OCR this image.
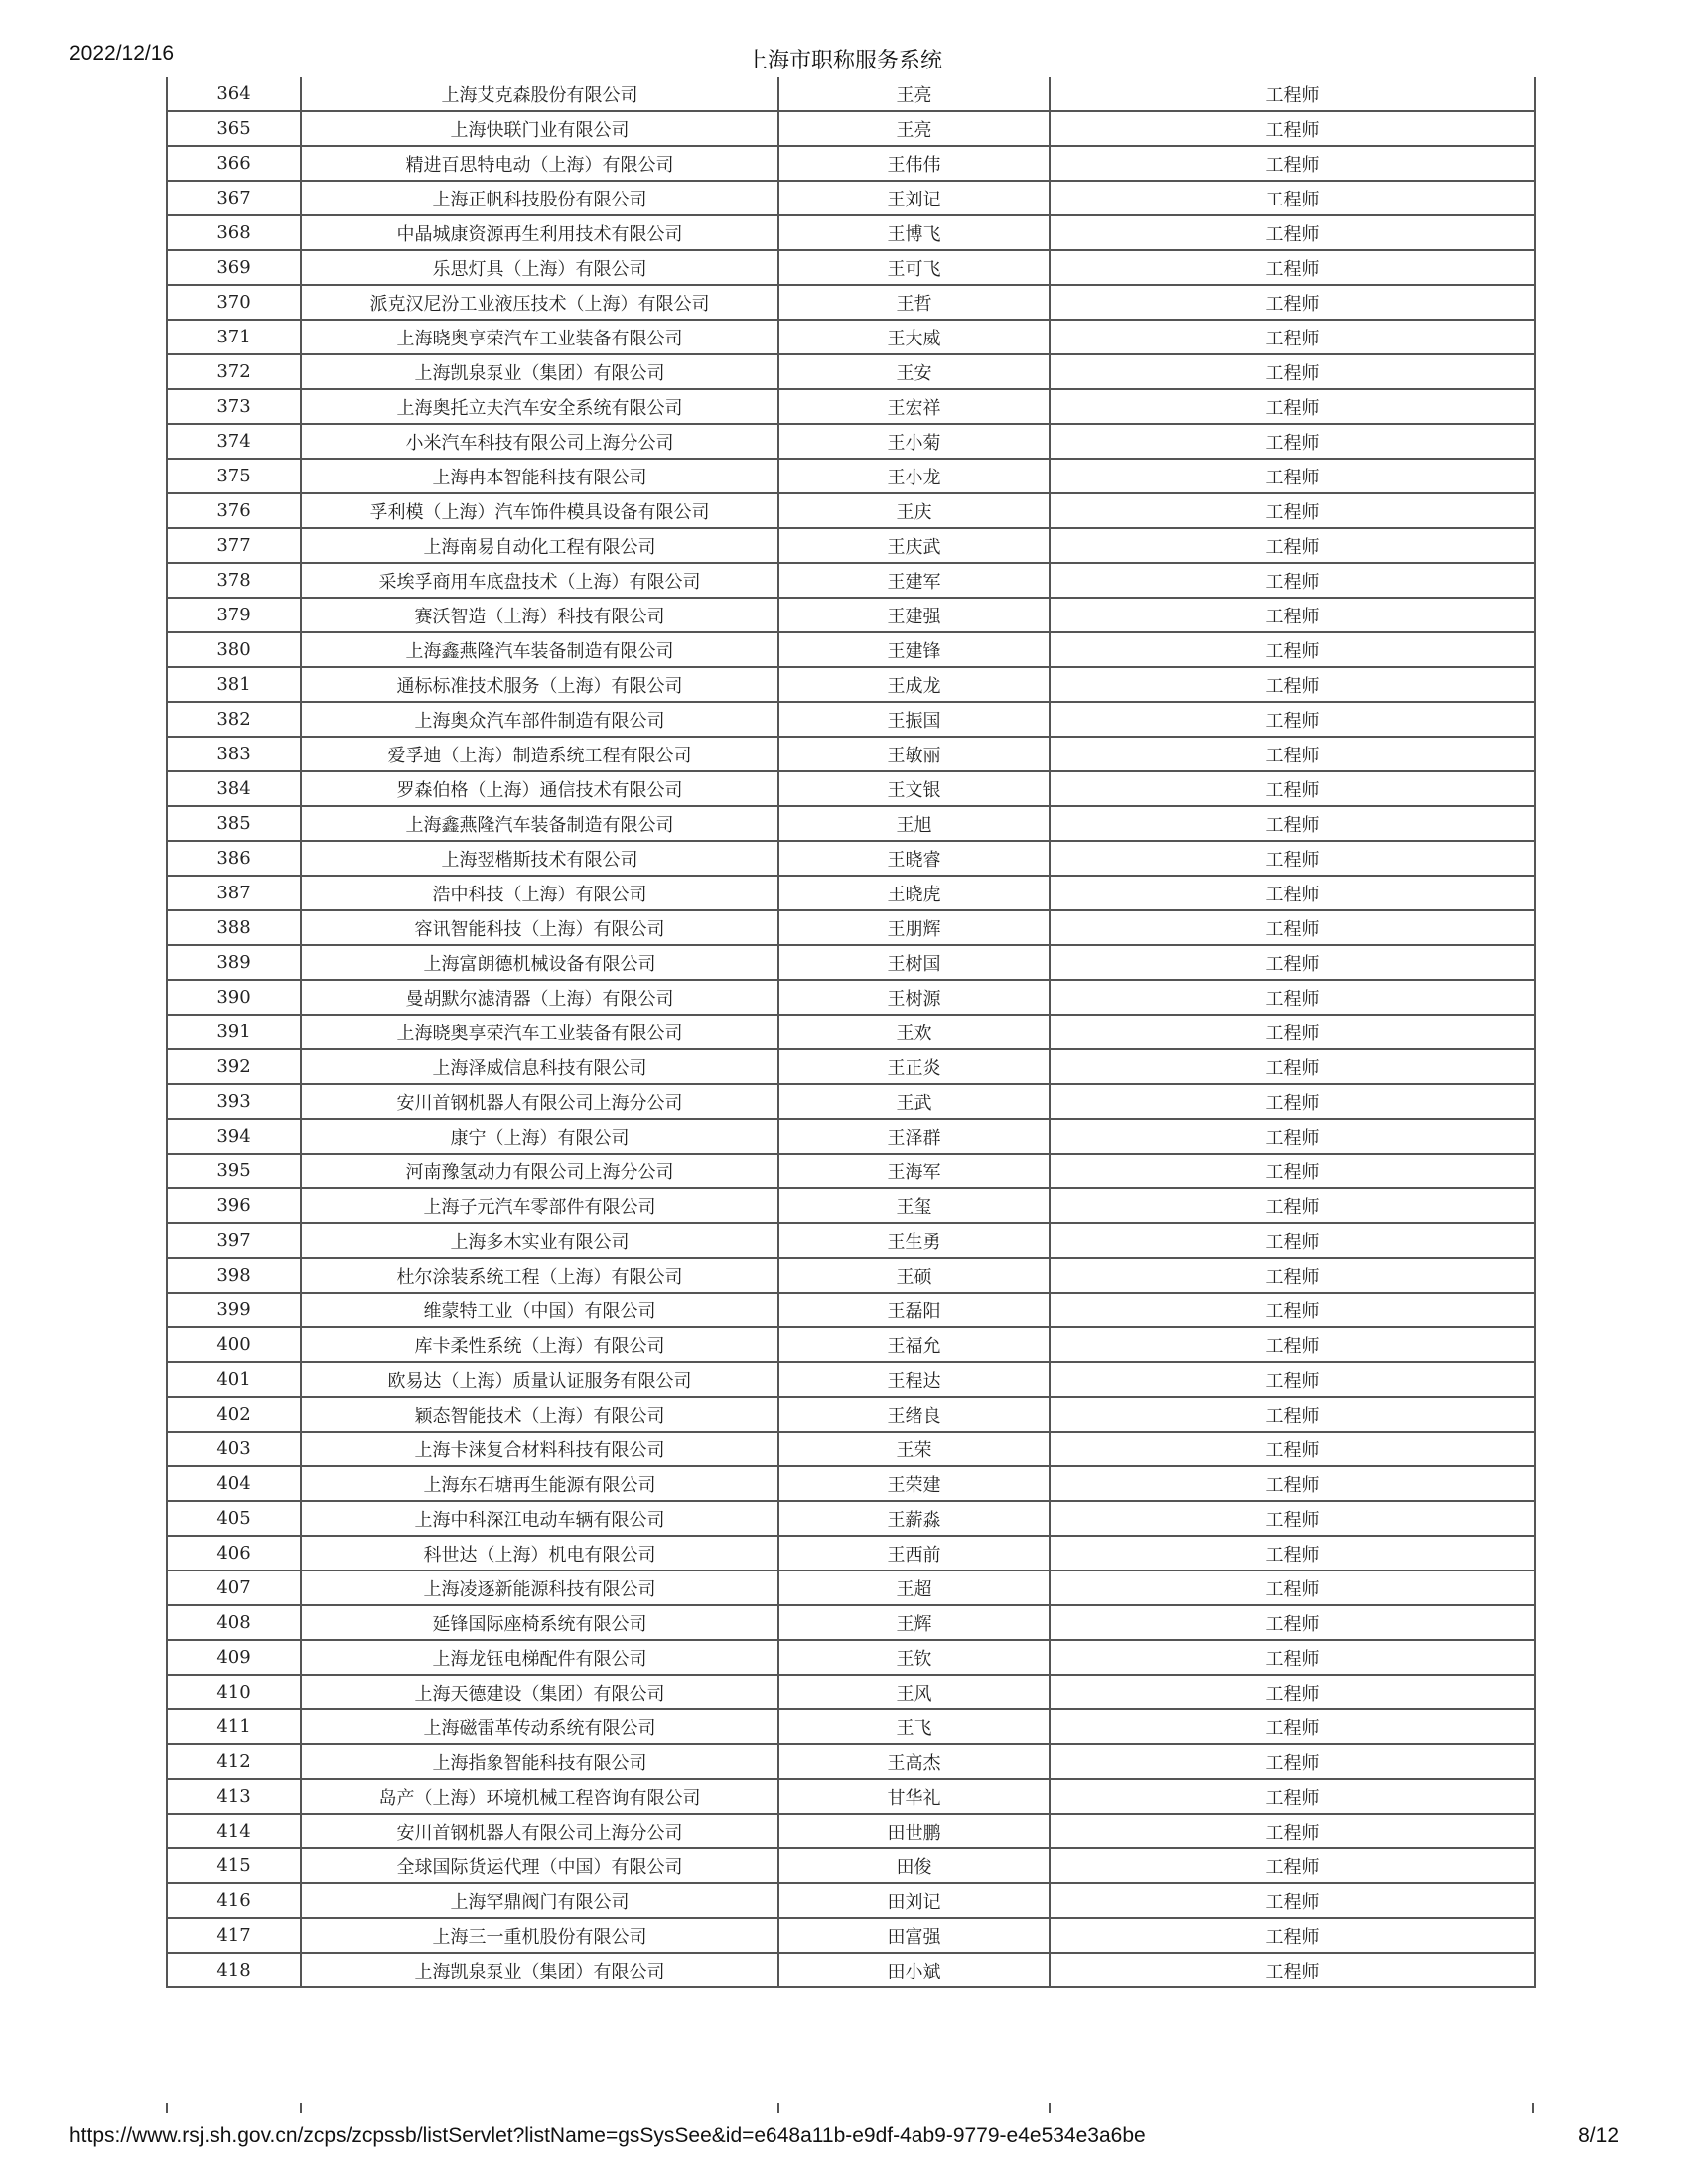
2022/12/16	上海市职称服务系统
364	上海艾克森股份有限公司	王亮	工程师
365	上海快联门业有限公司	王亮	工程师
366	精进百思特电动（上海）有限公司	王伟伟	工程师
367	上海正帆科技股份有限公司	王刘记	工程师
368	中晶城康资源再生利用技术有限公司	王博飞	工程师
369	乐思灯具（上海）有限公司	王可飞	工程师
370	派克汉尼汾工业液压技术（上海）有限公司	王哲	工程师
371	上海晓奥享荣汽车工业装备有限公司	王大威	工程师
372	上海凯泉泵业（集团）有限公司	王安	工程师
373	上海奥托立夫汽车安全系统有限公司	王宏祥	工程师
374	小米汽车科技有限公司上海分公司	王小菊	工程师
375	上海冉本智能科技有限公司	王小龙	工程师
376	孚利模（上海）汽车饰件模具设备有限公司	王庆	工程师
377	上海南易自动化工程有限公司	王庆武	工程师
378	采埃孚商用车底盘技术（上海）有限公司	王建军	工程师
379	赛沃智造（上海）科技有限公司	王建强	工程师
380	上海鑫燕隆汽车装备制造有限公司	王建锋	工程师
381	通标标准技术服务（上海）有限公司	王成龙	工程师
382	上海奥众汽车部件制造有限公司	王振国	工程师
383	爱孚迪（上海）制造系统工程有限公司	王敏丽	工程师
384	罗森伯格（上海）通信技术有限公司	王文银	工程师
385	上海鑫燕隆汽车装备制造有限公司	王旭	工程师
386	上海翌楷斯技术有限公司	王晓睿	工程师
387	浩中科技（上海）有限公司	王晓虎	工程师
388	容讯智能科技（上海）有限公司	王朋辉	工程师
389	上海富朗德机械设备有限公司	王树国	工程师
390	曼胡默尔滤清器（上海）有限公司	王树源	工程师
391	上海晓奥享荣汽车工业装备有限公司	王欢	工程师
392	上海泽威信息科技有限公司	王正炎	工程师
393	安川首钢机器人有限公司上海分公司	王武	工程师
394	康宁（上海）有限公司	王泽群	工程师
395	河南豫氢动力有限公司上海分公司	王海军	工程师
396	上海子元汽车零部件有限公司	王玺	工程师
397	上海多木实业有限公司	王生勇	工程师
398	杜尔涂装系统工程（上海）有限公司	王硕	工程师
399	维蒙特工业（中国）有限公司	王磊阳	工程师
400	库卡柔性系统（上海）有限公司	王福允	工程师
401	欧易达（上海）质量认证服务有限公司	王程达	工程师
402	颖态智能技术（上海）有限公司	王绪良	工程师
403	上海卡涞复合材料科技有限公司	王荣	工程师
404	上海东石塘再生能源有限公司	王荣建	工程师
405	上海中科深江电动车辆有限公司	王薪淼	工程师
406	科世达（上海）机电有限公司	王西前	工程师
407	上海凌逐新能源科技有限公司	王超	工程师
408	延锋国际座椅系统有限公司	王辉	工程师
409	上海龙钰电梯配件有限公司	王钦	工程师
410	上海天德建设（集团）有限公司	王风	工程师
411	上海磁雷革传动系统有限公司	王飞	工程师
412	上海指象智能科技有限公司	王高杰	工程师
413	岛产（上海）环境机械工程咨询有限公司	甘华礼	工程师
414	安川首钢机器人有限公司上海分公司	田世鹏	工程师
415	全球国际货运代理（中国）有限公司	田俊	工程师
416	上海罕鼎阀门有限公司	田刘记	工程师
417	上海三一重机股份有限公司	田富强	工程师
418	上海凯泉泵业（集团）有限公司	田小斌	工程师
https://www.rsj.sh.gov.cn/zcps/zcpssb/listServlet?listName=gsSysSee&id=e648a11b-e9df-4ab9-9779-e4e534e3a6be	8/12
